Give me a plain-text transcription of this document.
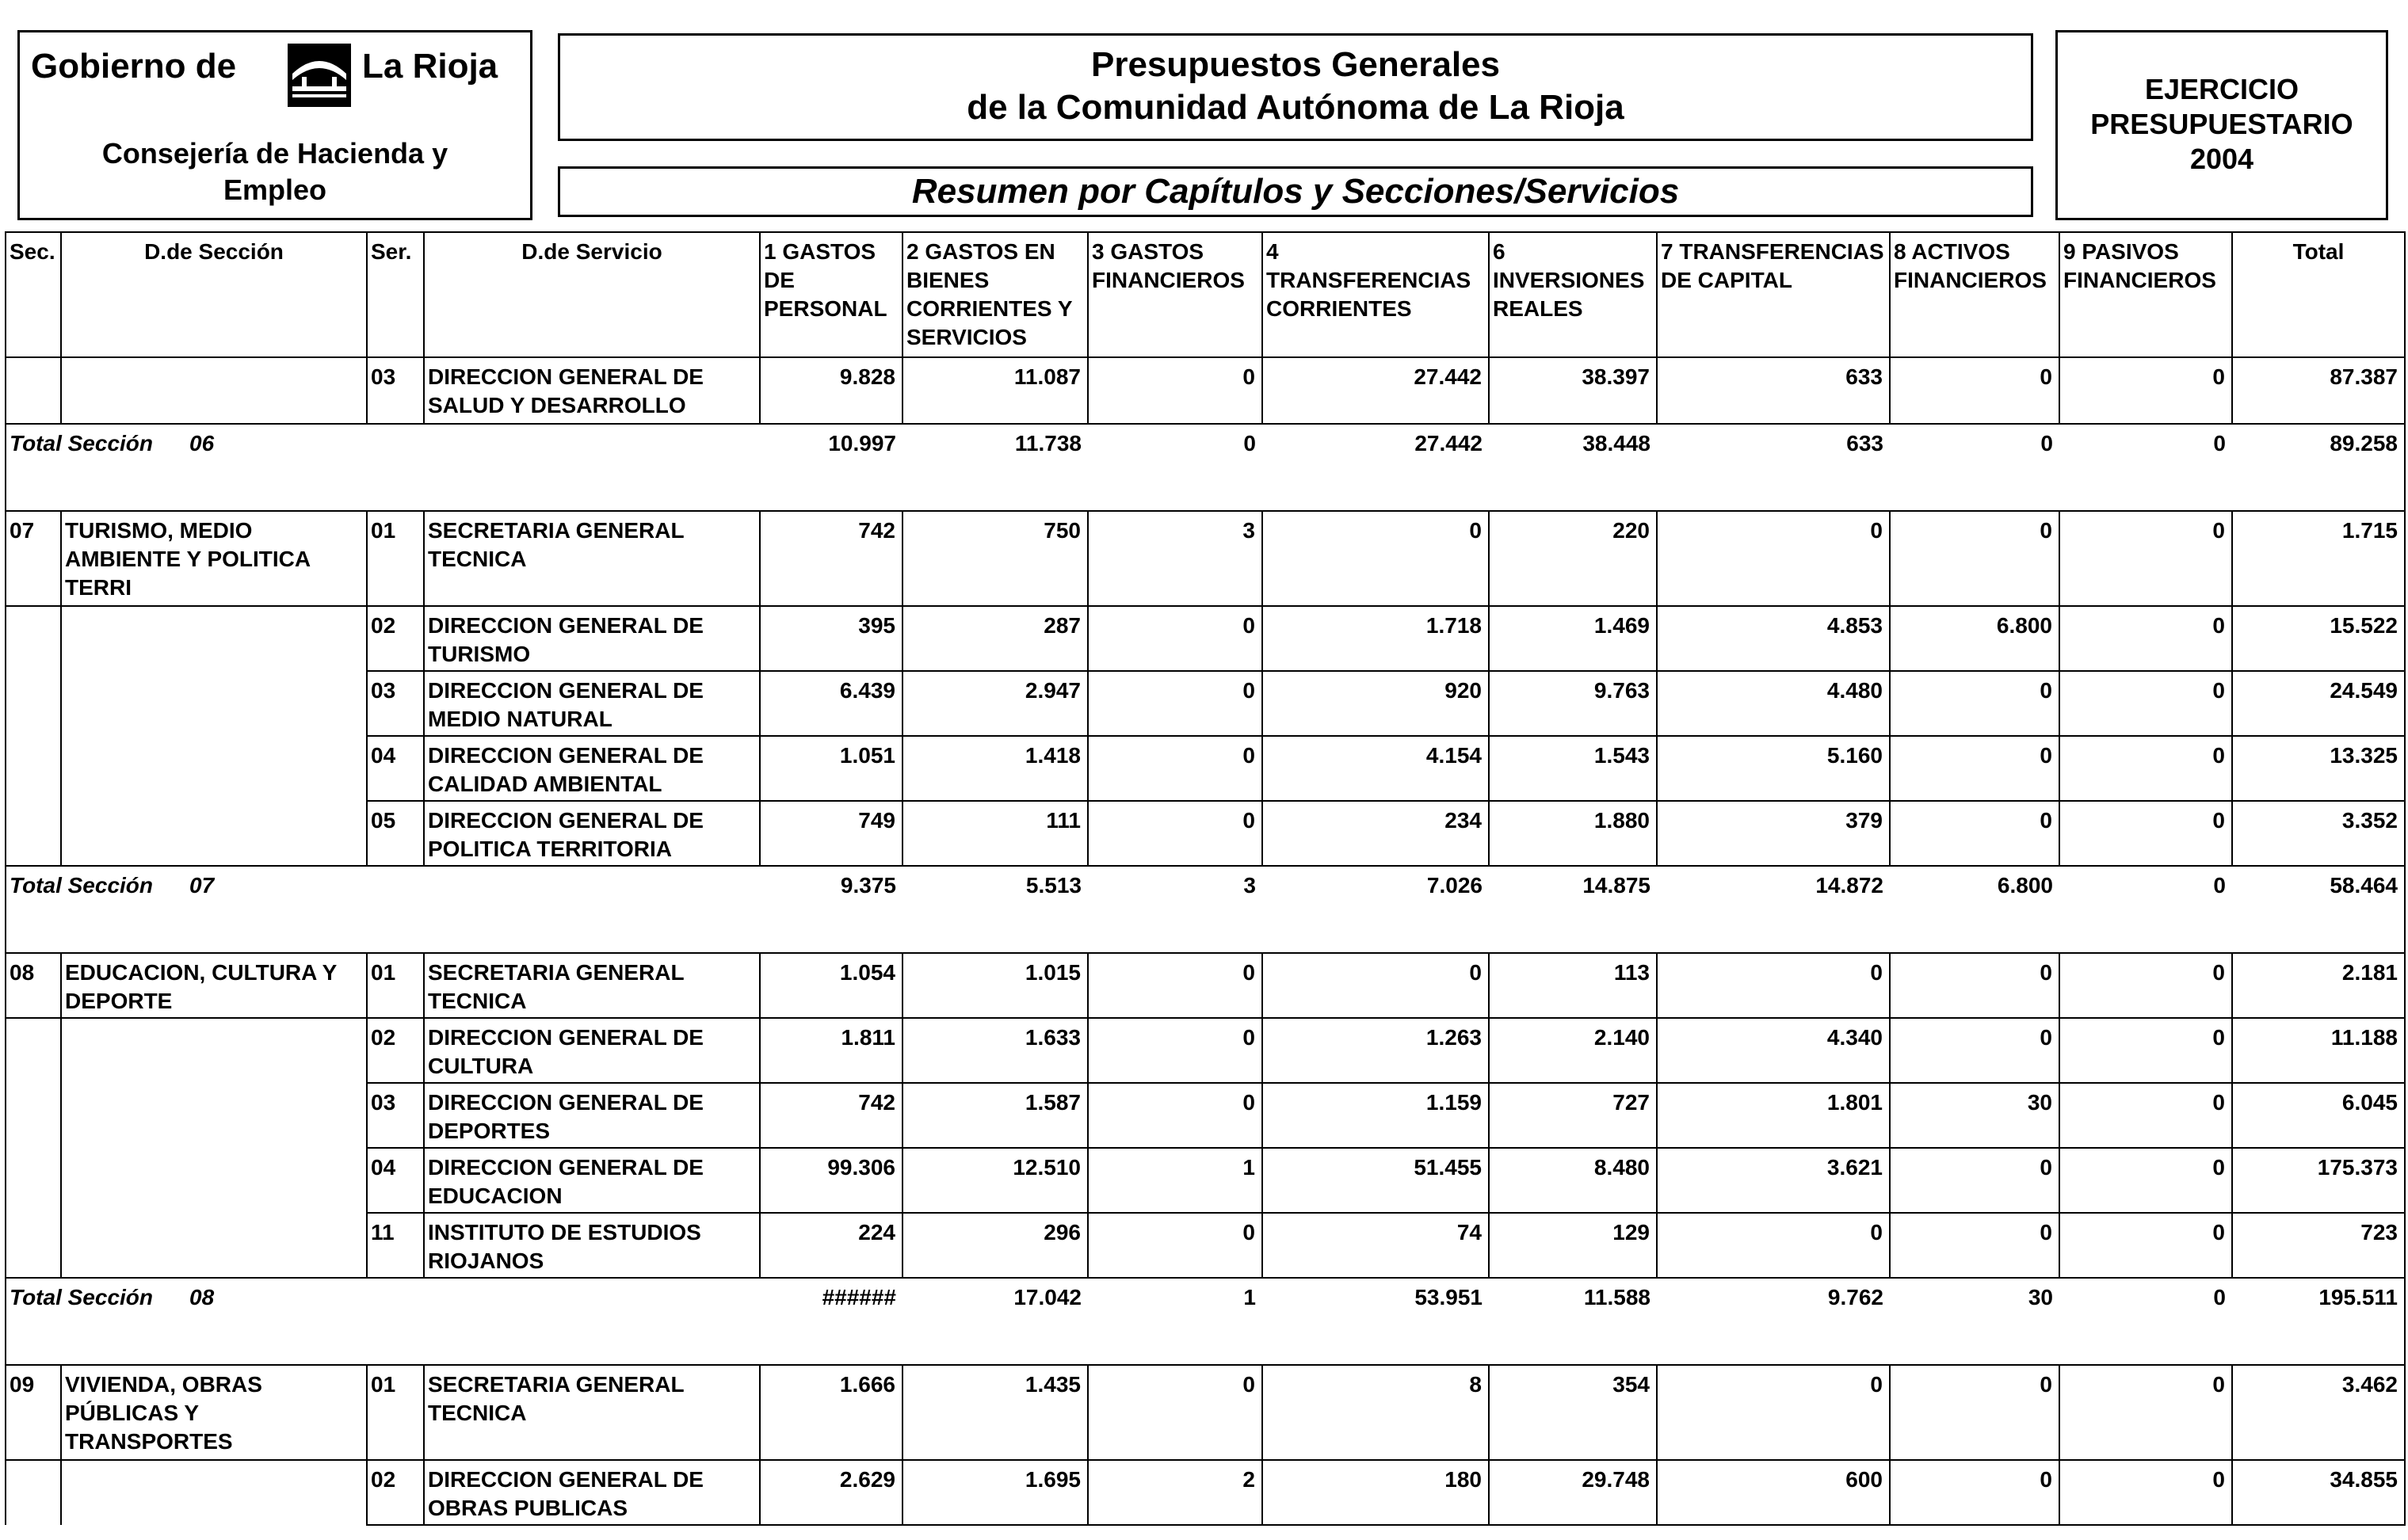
Gobierno de	La Rioja
Consejería de Hacienda y
Empleo
Presupuestos Generales
de la Comunidad Autónoma de La Rioja
Resumen por Capítulos y Secciones/Servicios
EJERCICIO
PRESUPUESTARIO
2004
Sec.	D.de Sección	Ser.	D.de Servicio	1 GASTOS DE PERSONAL	2 GASTOS EN BIENES CORRIENTES Y SERVICIOS	3 GASTOS FINANCIEROS	4 TRANSFERENCIAS CORRIENTES	6 INVERSIONES REALES	7 TRANSFERENCIAS DE CAPITAL	8 ACTIVOS FINANCIEROS	9 PASIVOS FINANCIEROS	Total
		03	DIRECCION GENERAL DE SALUD Y DESARROLLO	9.828	11.087	0	27.442	38.397	633	0	0	87.387
Total Sección 06				10.997	11.738	0	27.442	38.448	633	0	0	89.258
07	TURISMO, MEDIO AMBIENTE Y POLITICA TERRI	01	SECRETARIA GENERAL TECNICA	742	750	3	0	220	0	0	0	1.715
		02	DIRECCION GENERAL DE TURISMO	395	287	0	1.718	1.469	4.853	6.800	0	15.522
		03	DIRECCION GENERAL DE MEDIO NATURAL	6.439	2.947	0	920	9.763	4.480	0	0	24.549
		04	DIRECCION GENERAL DE CALIDAD AMBIENTAL	1.051	1.418	0	4.154	1.543	5.160	0	0	13.325
		05	DIRECCION GENERAL DE POLITICA TERRITORIA	749	111	0	234	1.880	379	0	0	3.352
Total Sección 07				9.375	5.513	3	7.026	14.875	14.872	6.800	0	58.464
08	EDUCACION, CULTURA Y DEPORTE	01	SECRETARIA GENERAL TECNICA	1.054	1.015	0	0	113	0	0	0	2.181
		02	DIRECCION GENERAL DE CULTURA	1.811	1.633	0	1.263	2.140	4.340	0	0	11.188
		03	DIRECCION GENERAL DE DEPORTES	742	1.587	0	1.159	727	1.801	30	0	6.045
		04	DIRECCION GENERAL DE EDUCACION	99.306	12.510	1	51.455	8.480	3.621	0	0	175.373
		11	INSTITUTO DE ESTUDIOS RIOJANOS	224	296	0	74	129	0	0	0	723
Total Sección 08				######	17.042	1	53.951	11.588	9.762	30	0	195.511
09	VIVIENDA, OBRAS PÚBLICAS Y TRANSPORTES	01	SECRETARIA GENERAL TECNICA	1.666	1.435	0	8	354	0	0	0	3.462
		02	DIRECCION GENERAL DE OBRAS PUBLICAS	2.629	1.695	2	180	29.748	600	0	0	34.855
